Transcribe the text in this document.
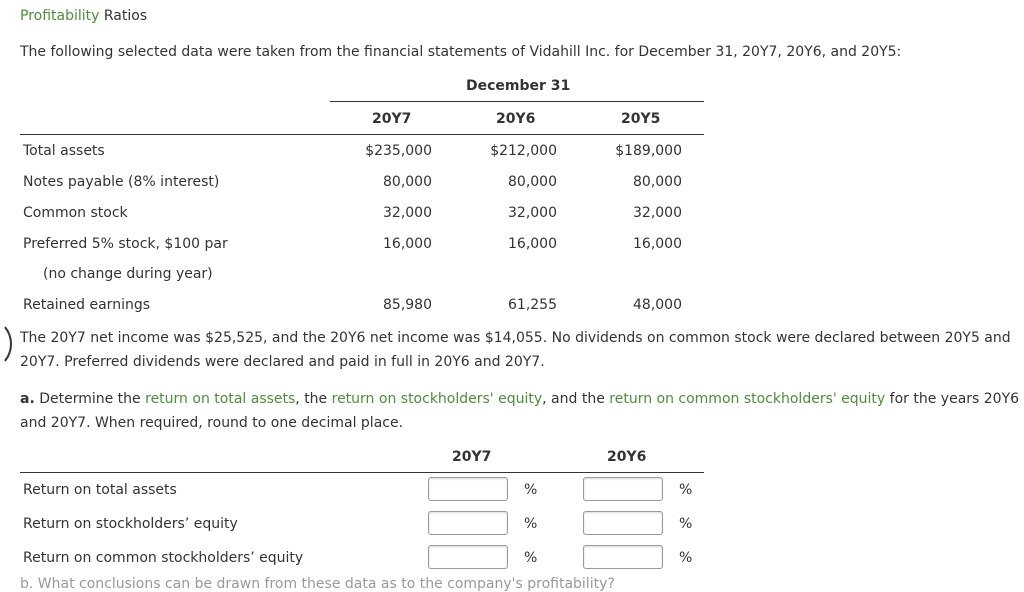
Profitability Ratios
The following selected data were taken from the financial statements of Vidahill Inc. for December 31, 20Y7, 20Y6, and 20Y5:
December 31
20Y7	20Y6	20Y5
Total assets	$235,000	$212,000	$189,000
Notes payable (8% interest)	80,000	80,000	80,000
Common stock	32,000	32,000	32,000
Preferred 5% stock, $100 par	16,000	16,000	16,000
(no change during year)
Retained earnings	85,980	61,255	48,000
The 20Y7 net income was $25,525, and the 20Y6 net income was $14,055. No dividends on common stock were declared between 20Y5 and
20Y7. Preferred dividends were declared and paid in full in 20Y6 and 20Y7.
a. Determine the return on total assets, the return on stockholders' equity, and the return on common stockholders' equity for the years 20Y6
and 20Y7. When required, round to one decimal place.
20Y7	20Y6
Return on total assets	%	%
Return on stockholders’ equity	%	%
Return on common stockholders’ equity	%	%
b. What conclusions can be drawn from these data as to the company's profitability?
